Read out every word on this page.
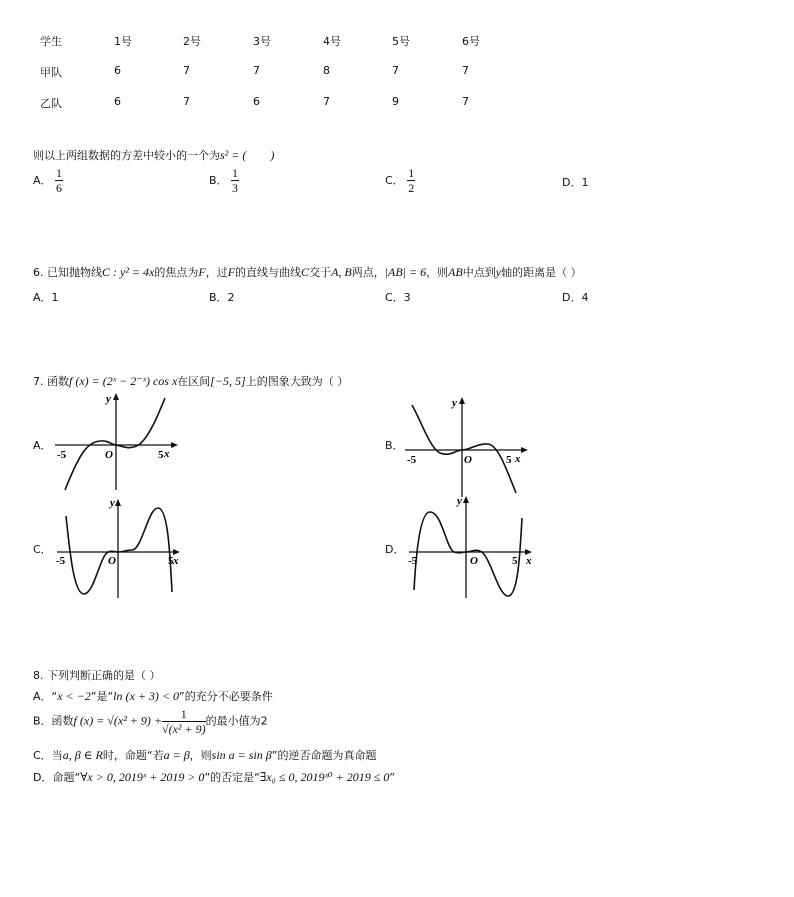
学生	1号	2号	3号	4号	5号	6号
甲队	6	7	7	8	7	7
乙队	6	7	6	7	9	7
则以上两组数据的方差中较小的一个为s² = (　　)
A． $\frac{1}{6}$	B． $\frac{1}{3}$	C． $\frac{1}{2}$	D．1
6. 已知抛物线C : y² = 4x的焦点为F，过F的直线与曲线C交于A, B两点，|AB| = 6，则AB中点到y轴的距离是（ ）
A．1	B．2	C．3	D．4
7. 函数f (x) = (2ˣ − 2⁻ˣ) cos x在区间[−5, 5]上的图象大致为（ ）
A．	B．
C．	D．
y
x
O
-5	5
y
x
O
-5	5
y
x
O
-5	5
y
x
O
-5	5
8. 下列判断正确的是（ ）
A．“x < −2”是“ln (x + 3) < 0”的充分不必要条件
B．函数f $(x) = √(x^2 + 9) + \frac{1}{\text{√(x² + 9)}}$ 的最小值为2
C．当a, β ∈ R时，命题“若a = β，则sin a = sin β”的逆否命题为真命题
D．命题“∀x > 0, 2019ˣ + 2019 > 0”的否定是“∃x₀ ≤ 0, 2019ˣ⁰ + 2019 ≤ 0”
